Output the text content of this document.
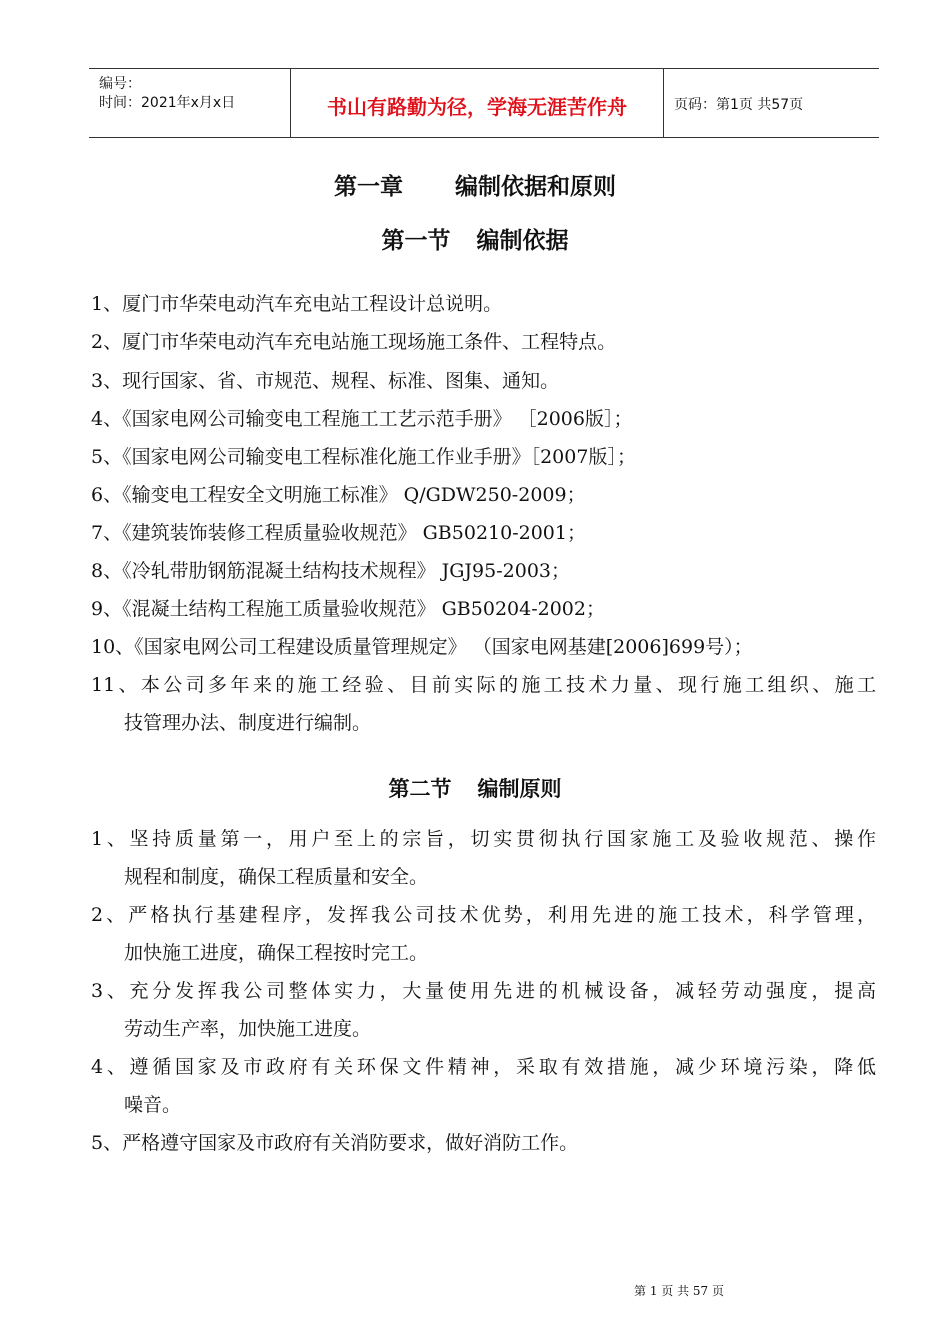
编号：
时间：2021年x月x日	书山有路勤为径，学海无涯苦作舟	页码：第1页 共57页
第一章 编制依据和原则
第一节 编制依据
1、厦门市华荣电动汽车充电站工程设计总说明。
2、厦门市华荣电动汽车充电站施工现场施工条件、工程特点。
3、现行国家、省、市规范、规程、标准、图集、通知。
4、《国家电网公司输变电工程施工工艺示范手册》 ［2006版］；
5、《国家电网公司输变电工程标准化施工作业手册》［2007版］；
6、《输变电工程安全文明施工标准》 Q/GDW250-2009；
7、《建筑装饰装修工程质量验收规范》 GB50210-2001；
8、《冷轧带肋钢筋混凝土结构技术规程》 JGJ95-2003；
9、《混凝土结构工程施工质量验收规范》 GB50204-2002；
10、《国家电网公司工程建设质量管理规定》 （国家电网基建[2006]699号）；
11、本公司多年来的施工经验、目前实际的施工技术力量、现行施工组织、施工
技管理办法、制度进行编制。
第二节 编制原则
1、坚持质量第一，用户至上的宗旨，切实贯彻执行国家施工及验收规范、操作
规程和制度，确保工程质量和安全。
2、严格执行基建程序，发挥我公司技术优势，利用先进的施工技术，科学管理，
加快施工进度，确保工程按时完工。
3、充分发挥我公司整体实力，大量使用先进的机械设备，减轻劳动强度，提高
劳动生产率，加快施工进度。
4、遵循国家及市政府有关环保文件精神，采取有效措施，减少环境污染，降低
噪音。
5、严格遵守国家及市政府有关消防要求，做好消防工作。
第 1 页 共 57 页
